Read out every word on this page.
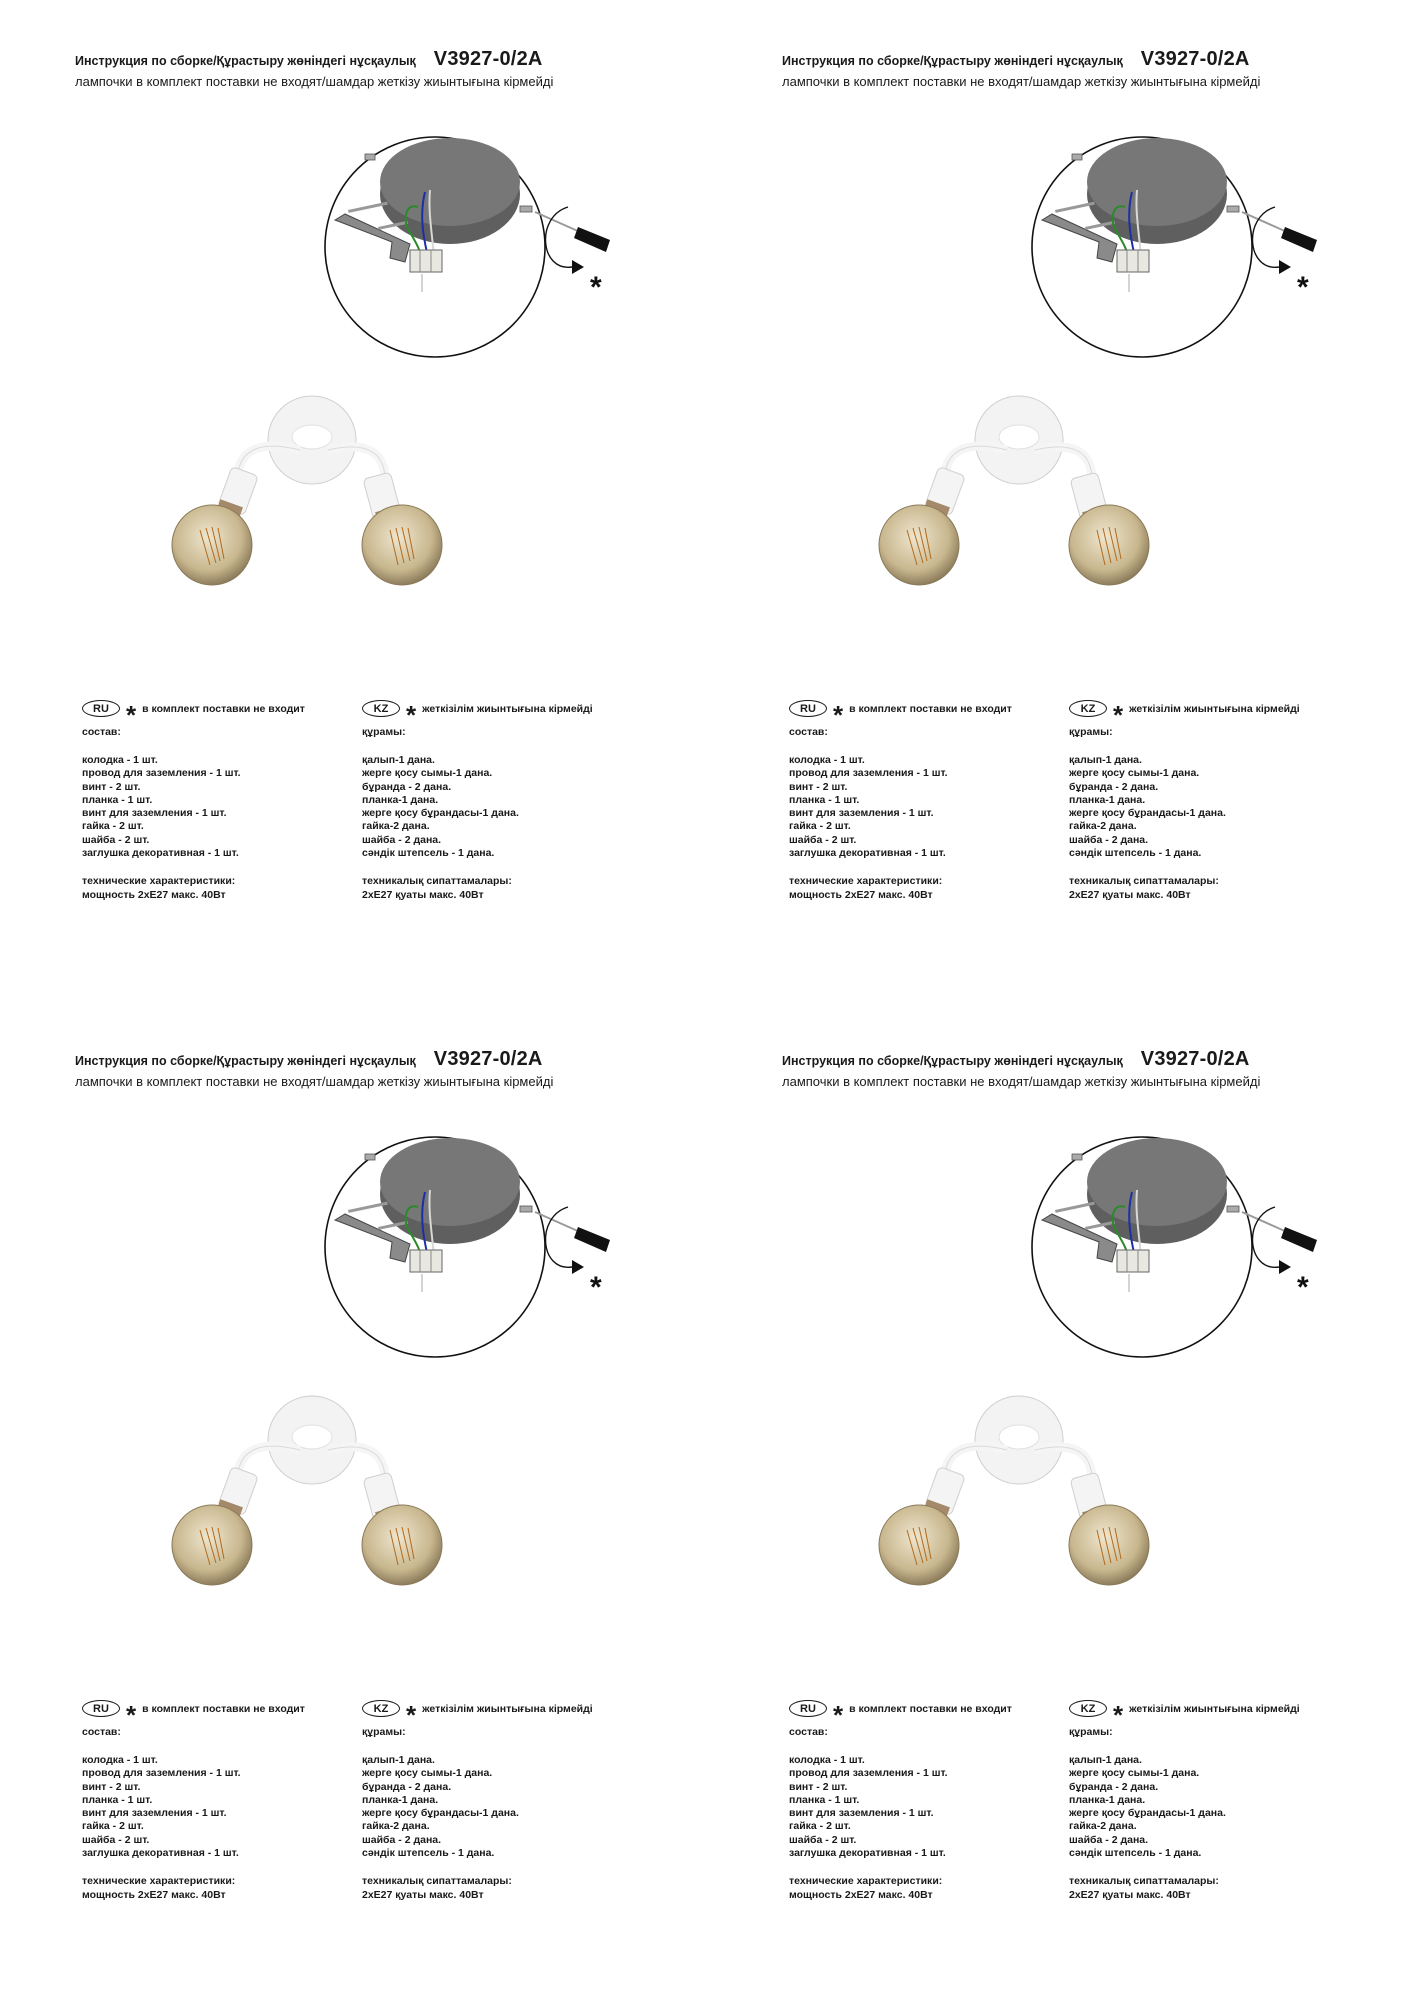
Инструкция по сборке/Құрастыру жөніндегі нұсқаулық V3927-0/2A
лампочки в комплект поставки не входят/шамдар жеткізу жиынтығына кірмейді
*
RU * в комплект поставки не входит
состав:
колодка - 1 шт.
провод для заземления - 1 шт.
винт - 2 шт.
планка - 1 шт.
винт для заземления - 1 шт.
гайка - 2 шт.
шайба - 2 шт.
заглушка декоративная - 1 шт.
технические характеристики:
мощность 2хЕ27 макс. 40Вт
KZ * жеткізілім жиынтығына кірмейді
құрамы:
қалып-1 дана.
жерге қосу сымы-1 дана.
бұранда - 2 дана.
планка-1 дана.
жерге қосу бұрандасы-1 дана.
гайка-2 дана.
шайба - 2 дана.
сәндік штепсель - 1 дана.
техникалық сипаттамалары:
2хЕ27 қуаты макс. 40Вт
Инструкция по сборке/Құрастыру жөніндегі нұсқаулық V3927-0/2A
лампочки в комплект поставки не входят/шамдар жеткізу жиынтығына кірмейді
*
RU * в комплект поставки не входит
состав:
колодка - 1 шт.
провод для заземления - 1 шт.
винт - 2 шт.
планка - 1 шт.
винт для заземления - 1 шт.
гайка - 2 шт.
шайба - 2 шт.
заглушка декоративная - 1 шт.
технические характеристики:
мощность 2хЕ27 макс. 40Вт
KZ * жеткізілім жиынтығына кірмейді
құрамы:
қалып-1 дана.
жерге қосу сымы-1 дана.
бұранда - 2 дана.
планка-1 дана.
жерге қосу бұрандасы-1 дана.
гайка-2 дана.
шайба - 2 дана.
сәндік штепсель - 1 дана.
техникалық сипаттамалары:
2хЕ27 қуаты макс. 40Вт
Инструкция по сборке/Құрастыру жөніндегі нұсқаулық V3927-0/2A
лампочки в комплект поставки не входят/шамдар жеткізу жиынтығына кірмейді
*
RU * в комплект поставки не входит
состав:
колодка - 1 шт.
провод для заземления - 1 шт.
винт - 2 шт.
планка - 1 шт.
винт для заземления - 1 шт.
гайка - 2 шт.
шайба - 2 шт.
заглушка декоративная - 1 шт.
технические характеристики:
мощность 2хЕ27 макс. 40Вт
KZ * жеткізілім жиынтығына кірмейді
құрамы:
қалып-1 дана.
жерге қосу сымы-1 дана.
бұранда - 2 дана.
планка-1 дана.
жерге қосу бұрандасы-1 дана.
гайка-2 дана.
шайба - 2 дана.
сәндік штепсель - 1 дана.
техникалық сипаттамалары:
2хЕ27 қуаты макс. 40Вт
Инструкция по сборке/Құрастыру жөніндегі нұсқаулық V3927-0/2A
лампочки в комплект поставки не входят/шамдар жеткізу жиынтығына кірмейді
*
RU * в комплект поставки не входит
состав:
колодка - 1 шт.
провод для заземления - 1 шт.
винт - 2 шт.
планка - 1 шт.
винт для заземления - 1 шт.
гайка - 2 шт.
шайба - 2 шт.
заглушка декоративная - 1 шт.
технические характеристики:
мощность 2хЕ27 макс. 40Вт
KZ * жеткізілім жиынтығына кірмейді
құрамы:
қалып-1 дана.
жерге қосу сымы-1 дана.
бұранда - 2 дана.
планка-1 дана.
жерге қосу бұрандасы-1 дана.
гайка-2 дана.
шайба - 2 дана.
сәндік штепсель - 1 дана.
техникалық сипаттамалары:
2хЕ27 қуаты макс. 40Вт
